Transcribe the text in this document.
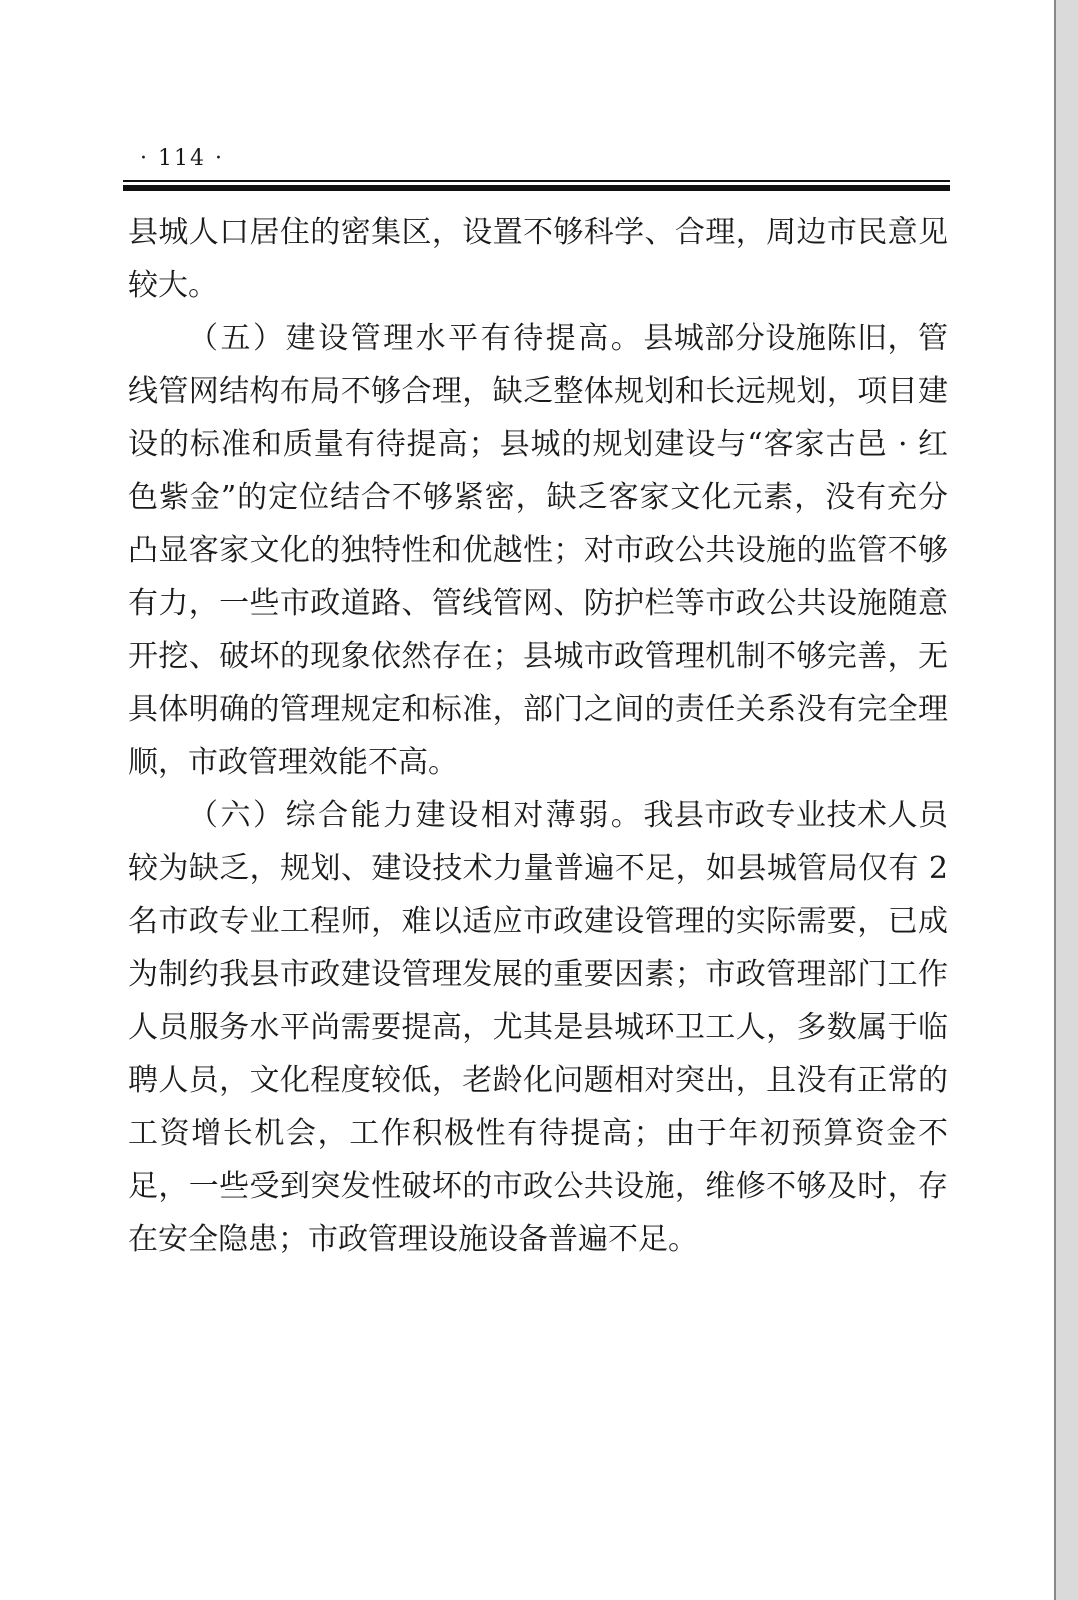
· 114 ·

县城人口居住的密集区，设置不够科学、合理，周边市民意见较大。

（五）建设管理水平有待提高。县城部分设施陈旧，管线管网结构布局不够合理，缺乏整体规划和长远规划，项目建设的标准和质量有待提高；县城的规划建设与“客家古邑 · 红色紫金”的定位结合不够紧密，缺乏客家文化元素，没有充分凸显客家文化的独特性和优越性；对市政公共设施的监管不够有力，一些市政道路、管线管网、防护栏等市政公共设施随意开挖、破坏的现象依然存在；县城市政管理机制不够完善，无具体明确的管理规定和标准，部门之间的责任关系没有完全理顺，市政管理效能不高。

（六）综合能力建设相对薄弱。我县市政专业技术人员较为缺乏，规划、建设技术力量普遍不足，如县城管局仅有 2 名市政专业工程师，难以适应市政建设管理的实际需要，已成为制约我县市政建设管理发展的重要因素；市政管理部门工作人员服务水平尚需要提高，尤其是县城环卫工人，多数属于临聘人员，文化程度较低，老龄化问题相对突出，且没有正常的工资增长机会，工作积极性有待提高；由于年初预算资金不足，一些受到突发性破坏的市政公共设施，维修不够及时，存在安全隐患；市政管理设施设备普遍不足。
